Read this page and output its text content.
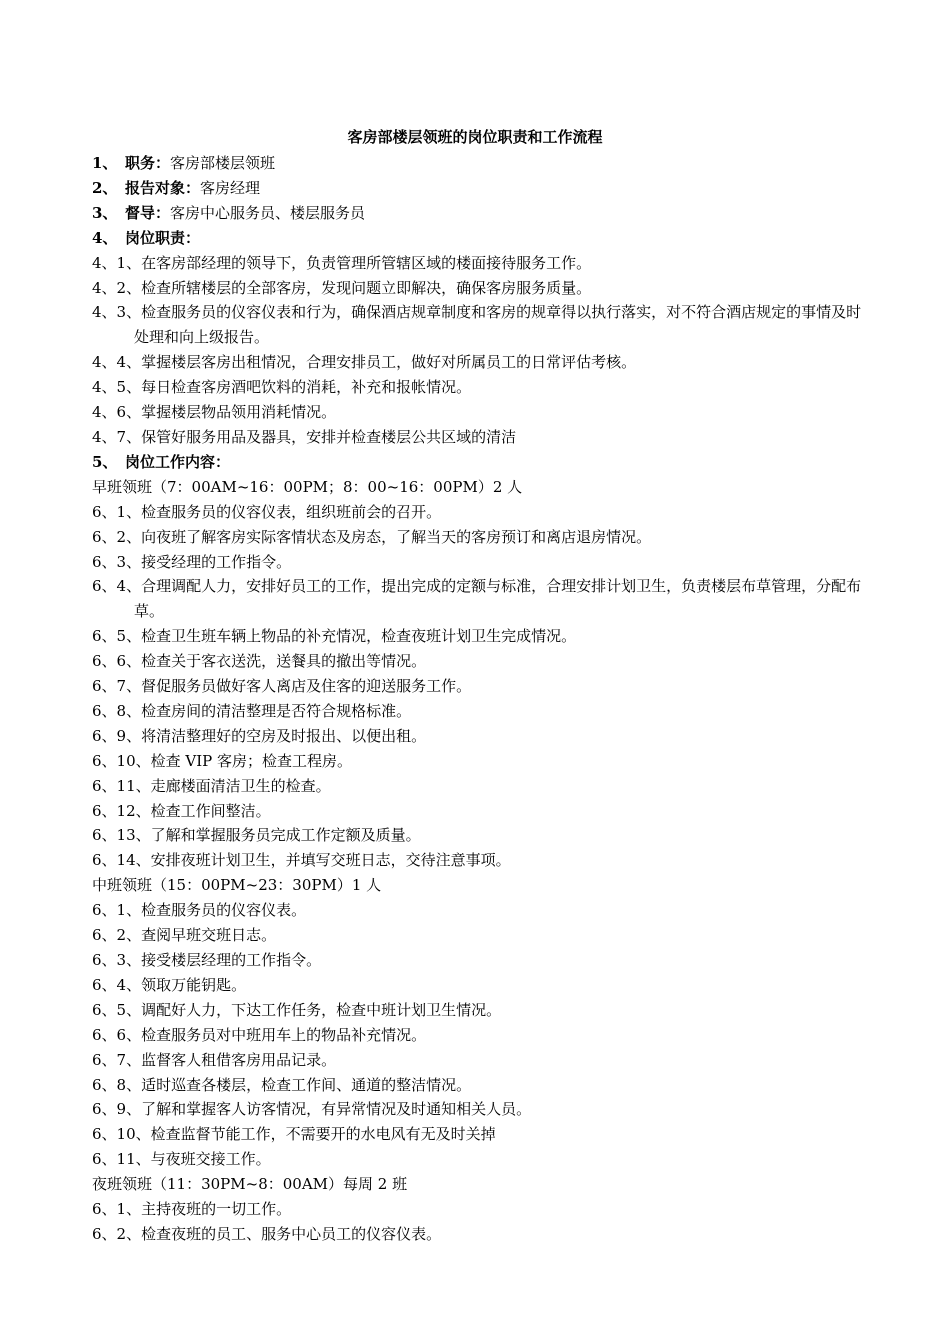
客房部楼层领班的岗位职责和工作流程
1、 职务： 客房部楼层领班
2、 报告对象： 客房经理
3、 督导： 客房中心服务员、楼层服务员
4、 岗位职责：
4、1、在客房部经理的领导下，负责管理所管辖区域的楼面接待服务工作。
4、2、检查所辖楼层的全部客房，发现问题立即解决，确保客房服务质量。
4、3、检查服务员的仪容仪表和行为，确保酒店规章制度和客房的规章得以执行落实，对不符合酒店规定的事情及时处理和向上级报告。
4、4、掌握楼层客房出租情况，合理安排员工，做好对所属员工的日常评估考核。
4、5、每日检查客房酒吧饮料的消耗，补充和报帐情况。
4、6、掌握楼层物品领用消耗情况。
4、7、保管好服务用品及器具，安排并检查楼层公共区域的清洁
5、 岗位工作内容：
早班领班（7：00AM~16：00PM；8：00~16：00PM）2 人
6、1、检查服务员的仪容仪表，组织班前会的召开。
6、2、向夜班了解客房实际客情状态及房态，了解当天的客房预订和离店退房情况。
6、3、接受经理的工作指令。
6、4、合理调配人力，安排好员工的工作，提出完成的定额与标准，合理安排计划卫生，负责楼层布草管理，分配布草。
6、5、检查卫生班车辆上物品的补充情况，检查夜班计划卫生完成情况。
6、6、检查关于客衣送洗，送餐具的撤出等情况。
6、7、督促服务员做好客人离店及住客的迎送服务工作。
6、8、检查房间的清洁整理是否符合规格标准。
6、9、将清洁整理好的空房及时报出、以便出租。
6、10、检查 VIP 客房；检查工程房。
6、11、走廊楼面清洁卫生的检查。
6、12、检查工作间整洁。
6、13、了解和掌握服务员完成工作定额及质量。
6、14、安排夜班计划卫生，并填写交班日志，交待注意事项。
中班领班（15：00PM~23：30PM）1 人
6、1、检查服务员的仪容仪表。
6、2、查阅早班交班日志。
6、3、接受楼层经理的工作指令。
6、4、领取万能钥匙。
6、5、调配好人力，下达工作任务，检查中班计划卫生情况。
6、6、检查服务员对中班用车上的物品补充情况。
6、7、监督客人租借客房用品记录。
6、8、适时巡查各楼层，检查工作间、通道的整洁情况。
6、9、了解和掌握客人访客情况，有异常情况及时通知相关人员。
6、10、检查监督节能工作，不需要开的水电风有无及时关掉
6、11、与夜班交接工作。
夜班领班（11：30PM~8：00AM）每周 2 班
6、1、主持夜班的一切工作。
6、2、检查夜班的员工、服务中心员工的仪容仪表。
